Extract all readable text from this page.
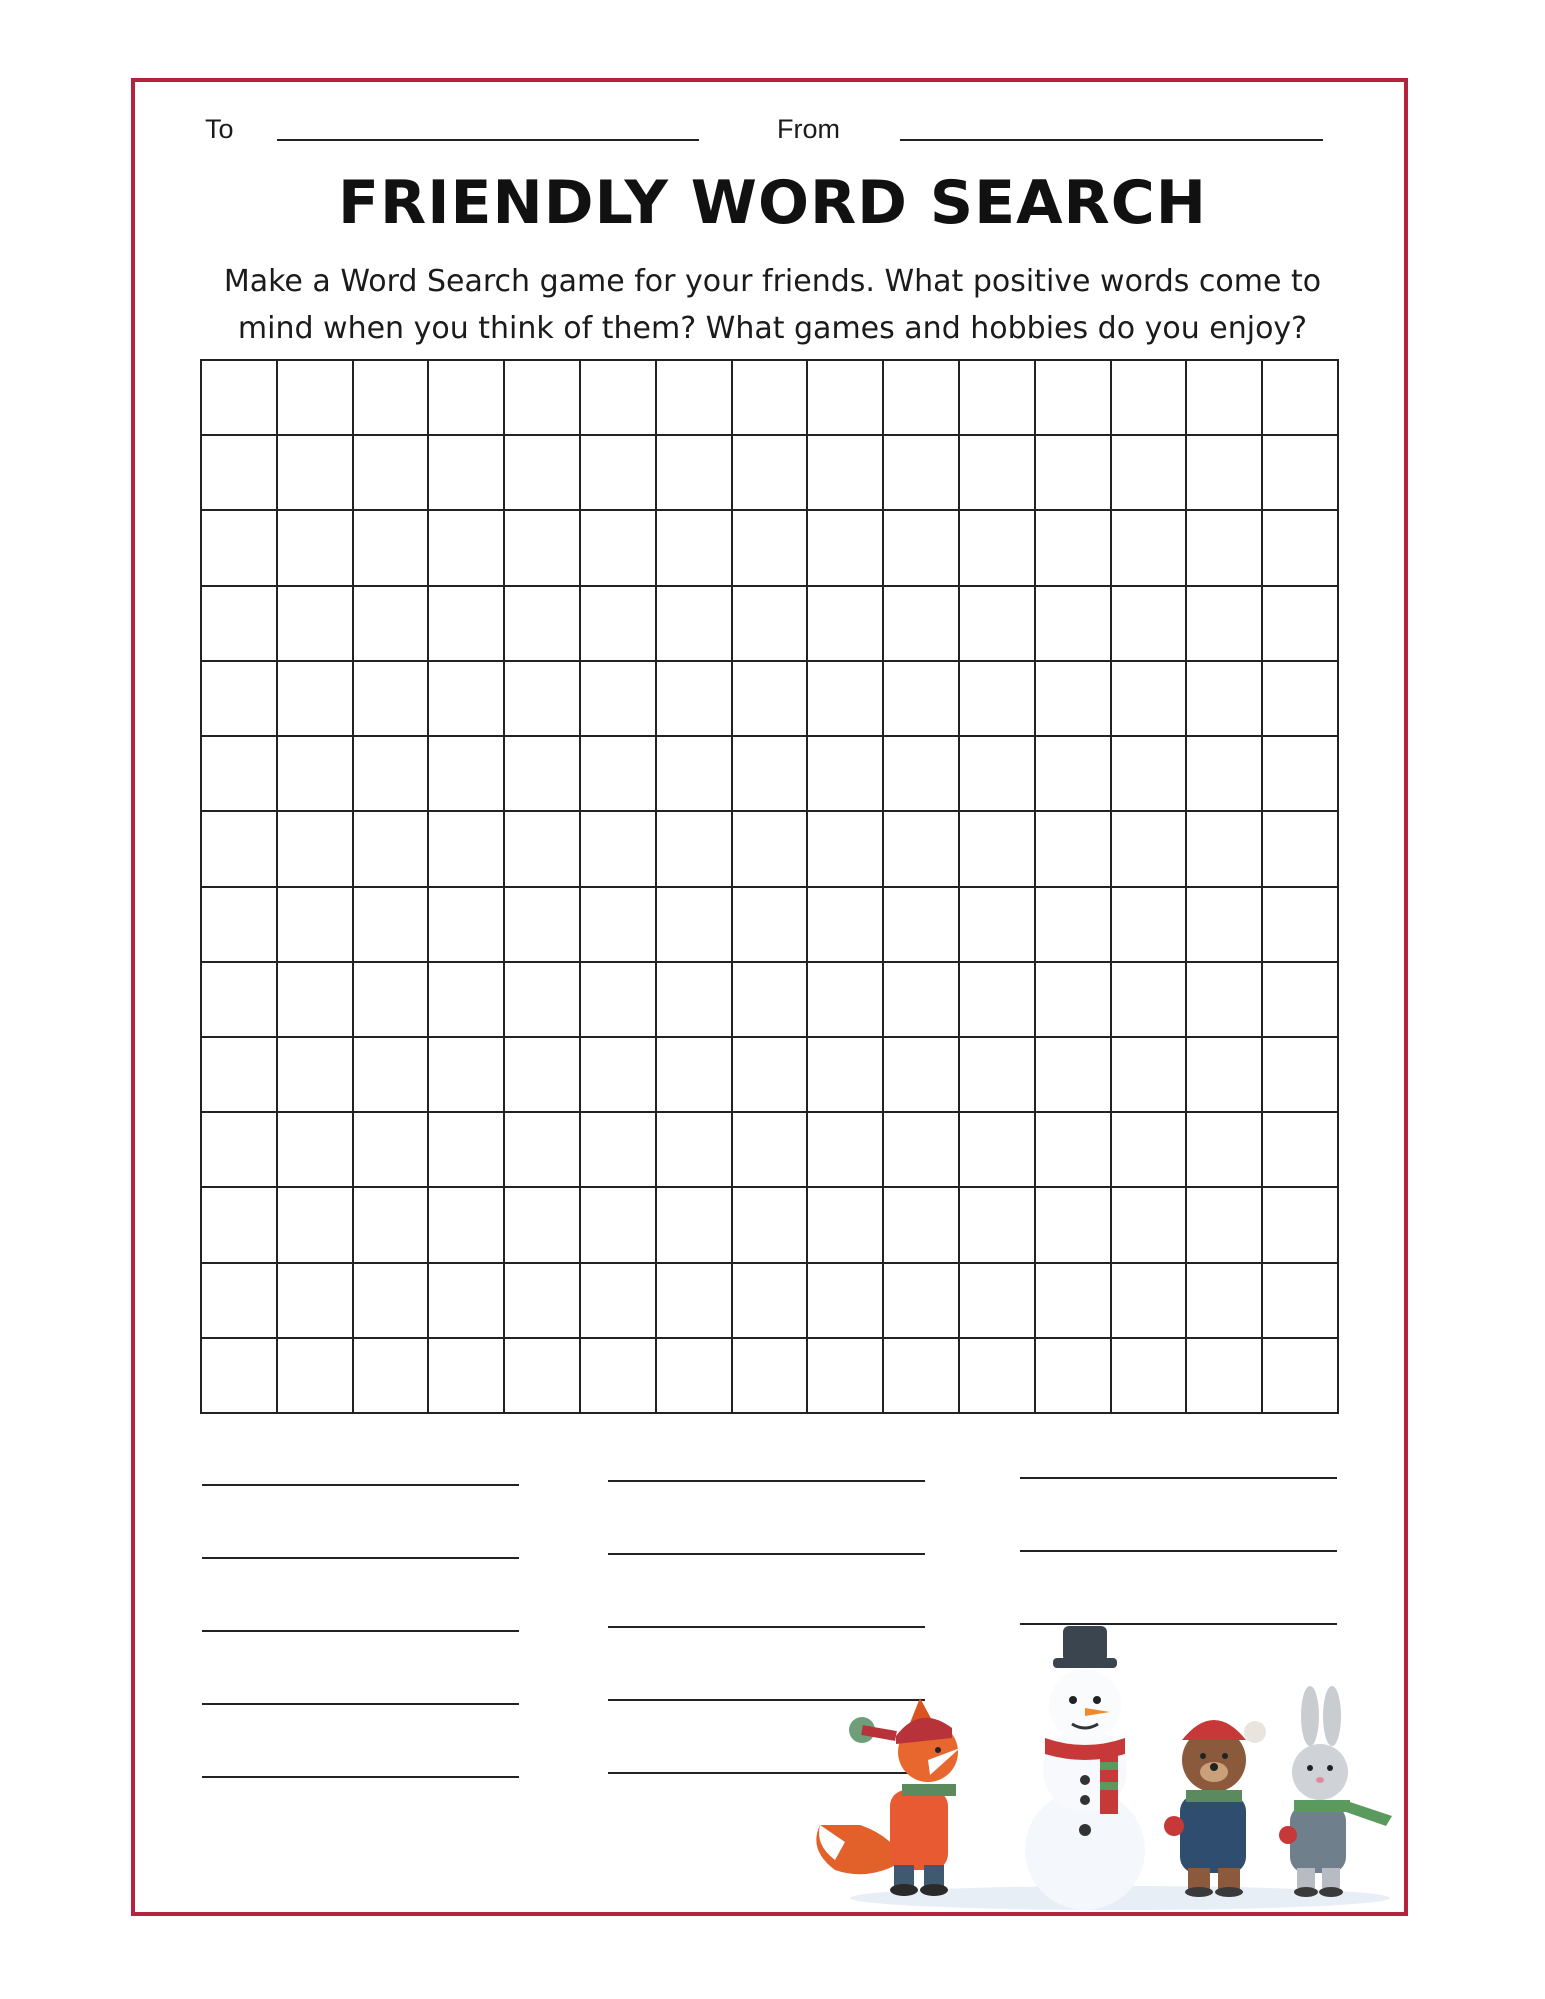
To	From
FRIENDLY WORD SEARCH
Make a Word Search game for your friends. What positive words come to
mind when you think of them? What games and hobbies do you enjoy?
